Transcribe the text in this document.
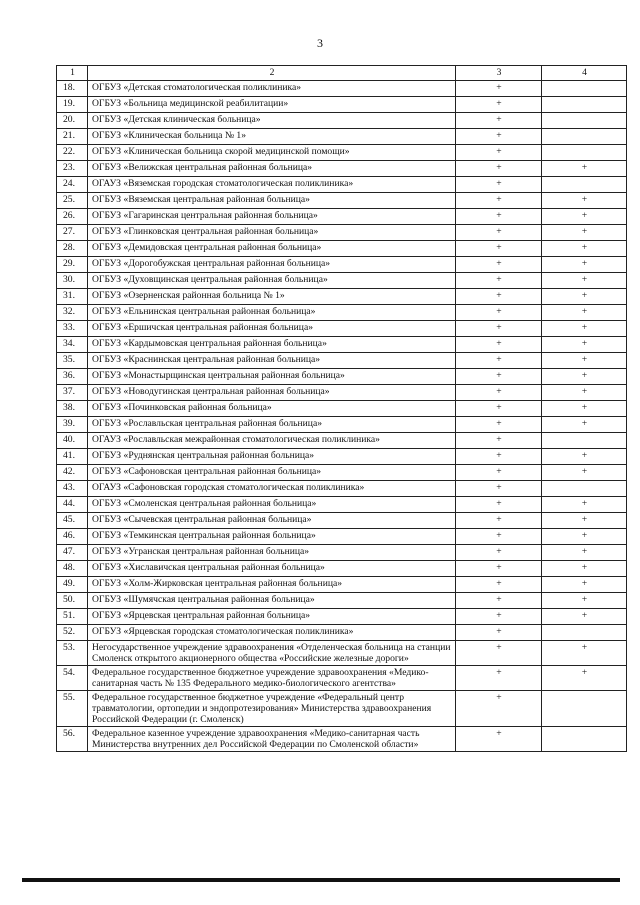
3
1	2	3	4
18.	ОГБУЗ «Детская стоматологическая поликлиника»	+	
19.	ОГБУЗ «Больница медицинской реабилитации»	+	
20.	ОГБУЗ «Детская клиническая больница»	+	
21.	ОГБУЗ «Клиническая больница № 1»	+	
22.	ОГБУЗ «Клиническая больница скорой медицинской помощи»	+	
23.	ОГБУЗ «Велижская центральная районная больница»	+	+
24.	ОГАУЗ «Вяземская городская стоматологическая поликлиника»	+	
25.	ОГБУЗ «Вяземская центральная районная больница»	+	+
26.	ОГБУЗ «Гагаринская центральная районная больница»	+	+
27.	ОГБУЗ «Глинковская центральная районная больница»	+	+
28.	ОГБУЗ «Демидовская центральная районная больница»	+	+
29.	ОГБУЗ «Дорогобужская центральная районная больница»	+	+
30.	ОГБУЗ «Духовщинская центральная районная больница»	+	+
31.	ОГБУЗ «Озерненская районная больница № 1»	+	+
32.	ОГБУЗ «Ельнинская центральная районная больница»	+	+
33.	ОГБУЗ «Ершичская центральная районная больница»	+	+
34.	ОГБУЗ «Кардымовская центральная районная больница»	+	+
35.	ОГБУЗ «Краснинская центральная районная больница»	+	+
36.	ОГБУЗ «Монастырщинская центральная районная больница»	+	+
37.	ОГБУЗ «Новодугинская центральная районная больница»	+	+
38.	ОГБУЗ «Починковская районная больница»	+	+
39.	ОГБУЗ «Рославльская центральная районная больница»	+	+
40.	ОГАУЗ «Рославльская межрайонная стоматологическая поликлиника»	+	
41.	ОГБУЗ «Руднянская центральная районная больница»	+	+
42.	ОГБУЗ «Сафоновская центральная районная больница»	+	+
43.	ОГАУЗ «Сафоновская городская стоматологическая поликлиника»	+	
44.	ОГБУЗ «Смоленская центральная районная больница»	+	+
45.	ОГБУЗ «Сычевская центральная районная больница»	+	+
46.	ОГБУЗ «Темкинская центральная районная больница»	+	+
47.	ОГБУЗ «Угранская центральная районная больница»	+	+
48.	ОГБУЗ «Хиславичская центральная районная больница»	+	+
49.	ОГБУЗ «Холм-Жирковская центральная районная больница»	+	+
50.	ОГБУЗ «Шумячская центральная районная больница»	+	+
51.	ОГБУЗ «Ярцевская центральная районная больница»	+	+
52.	ОГБУЗ «Ярцевская городская стоматологическая поликлиника»	+	
53.	Негосударственное учреждение здравоохранения «Отделенческая больница на станции Смоленск открытого акционерного общества «Российские железные дороги»	+	+
54.	Федеральное государственное бюджетное учреждение здравоохранения «Медико-санитарная часть № 135 Федерального медико-биологического агентства»	+	+
55.	Федеральное государственное бюджетное учреждение «Федеральный центр травматологии, ортопедии и эндопротезирования» Министерства здравоохранения Российской Федерации (г. Смоленск)	+	
56.	Федеральное казенное учреждение здравоохранения «Медико-санитарная часть Министерства внутренних дел Российской Федерации по Смоленской области»	+	
